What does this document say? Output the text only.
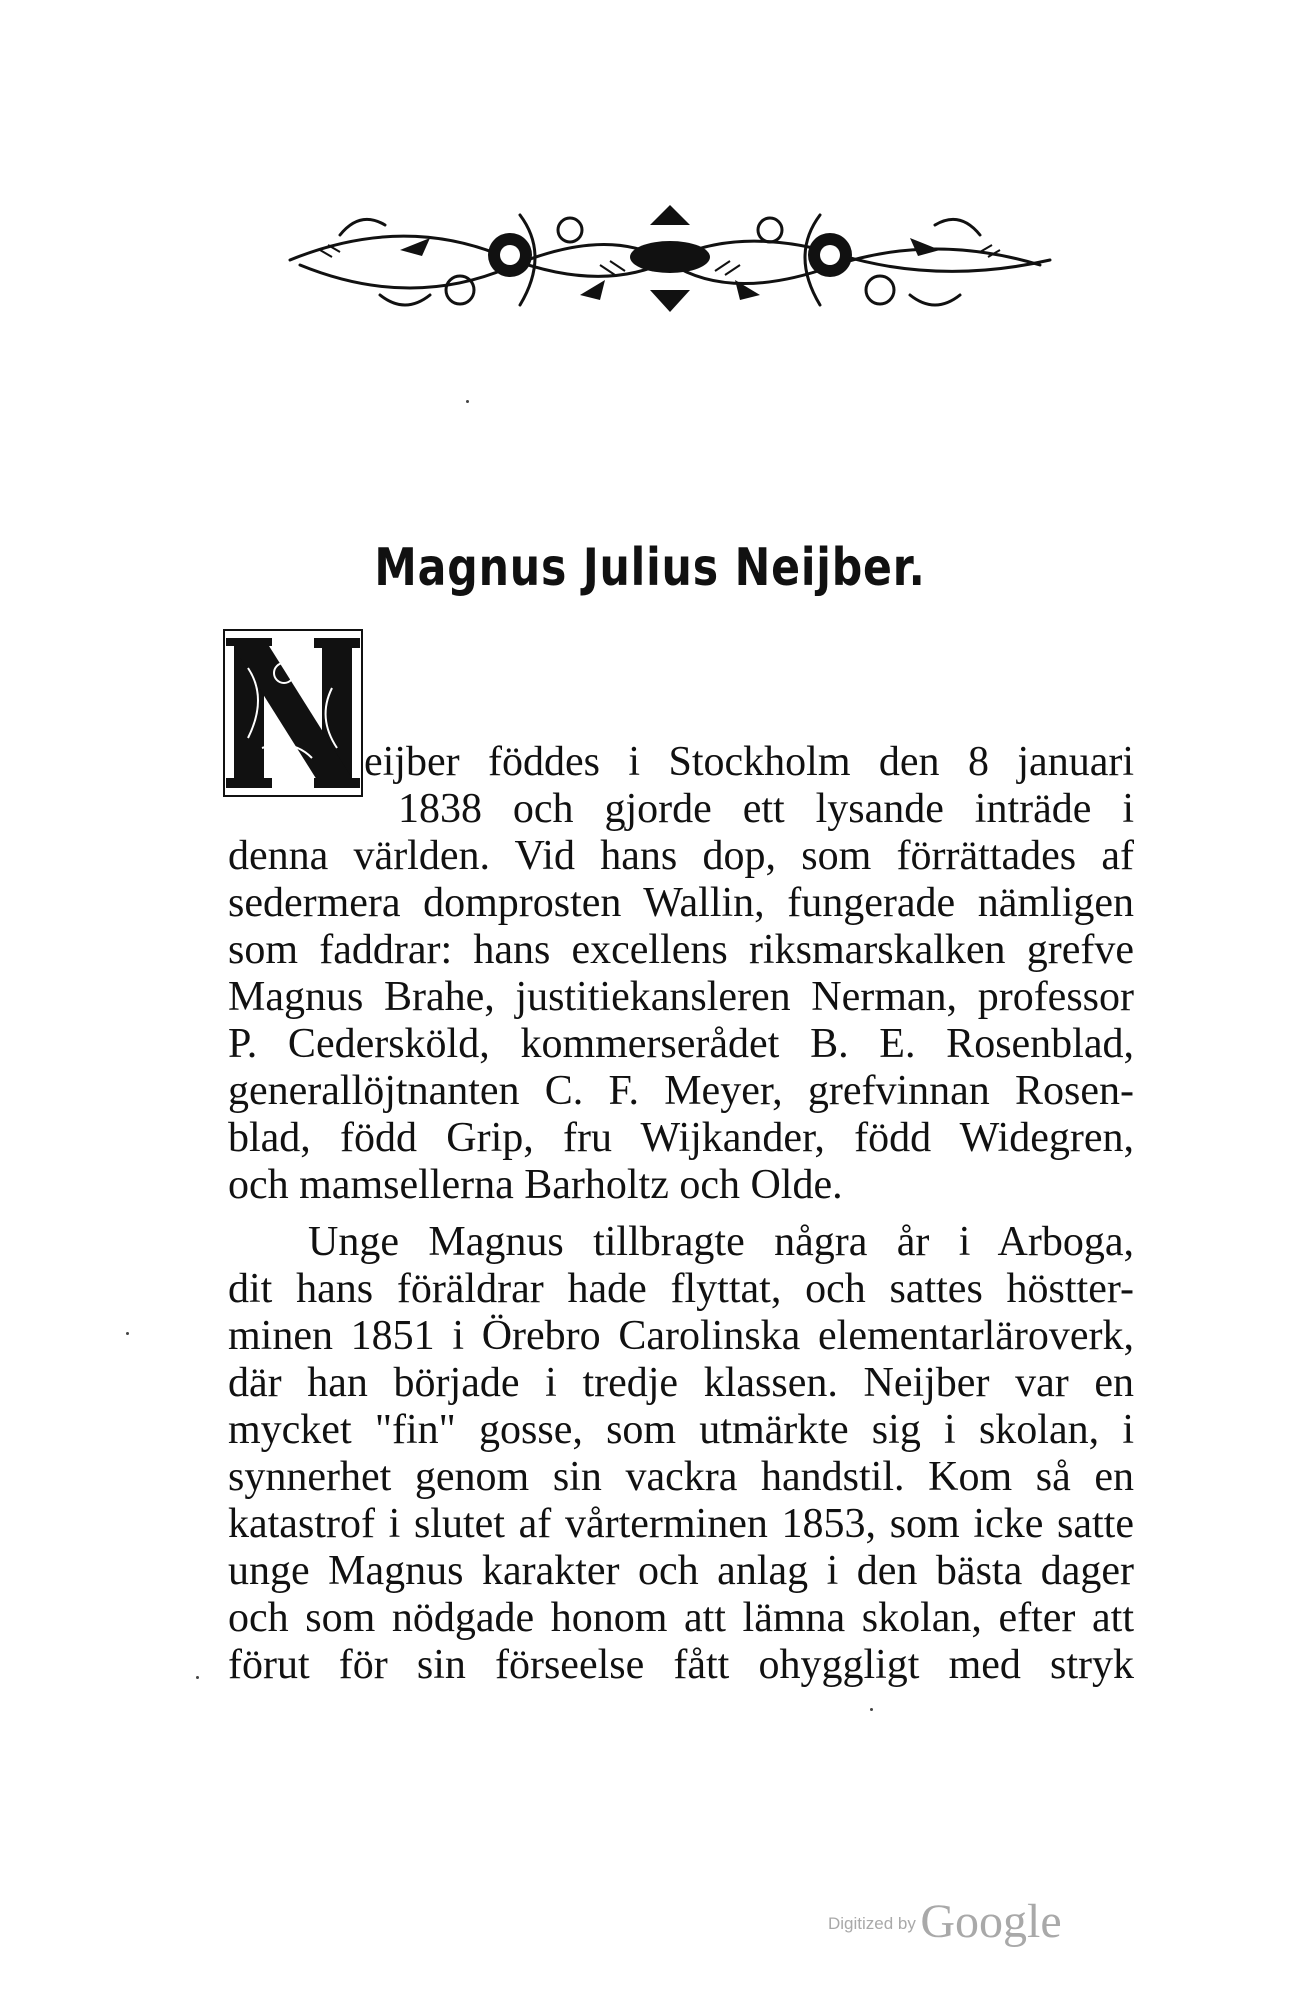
Magnus Julius Neijber.
eijber föddes i Stockholm den 8 januari
1838 och gjorde ett lysande inträde i
denna världen. Vid hans dop, som förrättades af
sedermera domprosten Wallin, fungerade nämligen
som faddrar: hans excellens riksmarskalken grefve
Magnus Brahe, justitiekansleren Nerman, professor
P. Cedersköld, kommerserådet B. E. Rosenblad,
generallöjtnanten C. F. Meyer, grefvinnan Rosen-
blad, född Grip, fru Wijkander, född Widegren,
och mamsellerna Barholtz och Olde.
Unge Magnus tillbragte några år i Arboga,
dit hans föräldrar hade flyttat, och sattes höstter-
minen 1851 i Örebro Carolinska elementarläroverk,
där han började i tredje klassen. Neijber var en
mycket "fin" gosse, som utmärkte sig i skolan, i
synnerhet genom sin vackra handstil. Kom så en
katastrof i slutet af vårterminen 1853, som icke satte
unge Magnus karakter och anlag i den bästa dager
och som nödgade honom att lämna skolan, efter att
förut för sin förseelse fått ohyggligt med stryk
Digitized by Google
